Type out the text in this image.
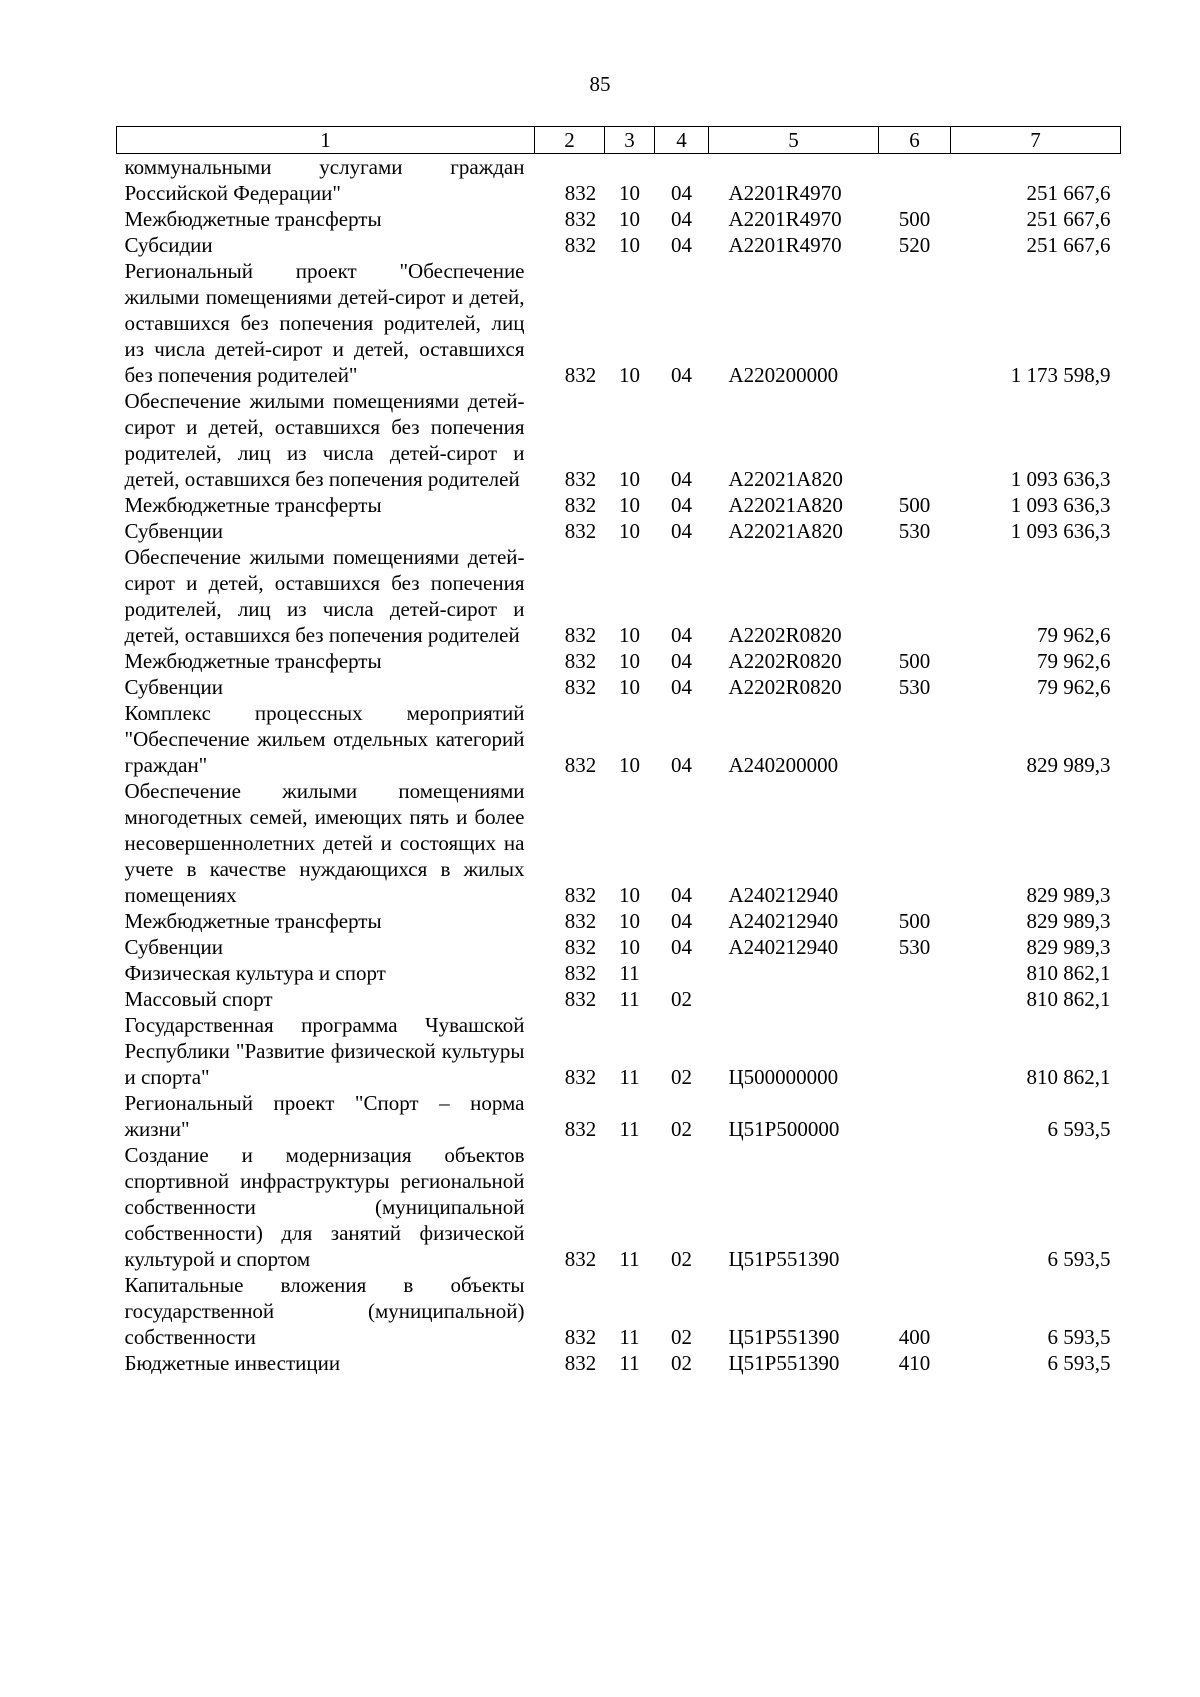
85
1	2	3	4	5	6	7
коммунальными услугами граждан Российской Федерации"	832	10	04	A2201R4970		251 667,6
Межбюджетные трансферты	832	10	04	A2201R4970	500	251 667,6
Субсидии	832	10	04	A2201R4970	520	251 667,6
Региональный проект "Обеспечение жилыми помещениями детей-сирот и детей, оставшихся без попечения родителей, лиц из числа детей-сирот и детей, оставшихся без попечения родителей"	832	10	04	A220200000		1 173 598,9
Обеспечение жилыми помещениями детей-сирот и детей, оставшихся без попечения родителей, лиц из числа детей-сирот и детей, оставшихся без попечения родителей	832	10	04	A22021A820		1 093 636,3
Межбюджетные трансферты	832	10	04	A22021A820	500	1 093 636,3
Субвенции	832	10	04	A22021A820	530	1 093 636,3
Обеспечение жилыми помещениями детей-сирот и детей, оставшихся без попечения родителей, лиц из числа детей-сирот и детей, оставшихся без попечения родителей	832	10	04	A2202R0820		79 962,6
Межбюджетные трансферты	832	10	04	A2202R0820	500	79 962,6
Субвенции	832	10	04	A2202R0820	530	79 962,6
Комплекс процессных мероприятий "Обеспечение жильем отдельных категорий граждан"	832	10	04	A240200000		829 989,3
Обеспечение жилыми помещениями многодетных семей, имеющих пять и более несовершеннолетних детей и состоящих на учете в качестве нуждающихся в жилых помещениях	832	10	04	A240212940		829 989,3
Межбюджетные трансферты	832	10	04	A240212940	500	829 989,3
Субвенции	832	10	04	A240212940	530	829 989,3
Физическая культура и спорт	832	11				810 862,1
Массовый спорт	832	11	02			810 862,1
Государственная программа Чувашской Республики "Развитие физической культуры и спорта"	832	11	02	Ц500000000		810 862,1
Региональный проект "Спорт – норма жизни"	832	11	02	Ц51Р500000		6 593,5
Создание и модернизация объектов спортивной инфраструктуры региональной собственности (муниципальной собственности) для занятий физической культурой и спортом	832	11	02	Ц51Р551390		6 593,5
Капитальные вложения в объекты государственной (муниципальной) собственности	832	11	02	Ц51Р551390	400	6 593,5
Бюджетные инвестиции	832	11	02	Ц51Р551390	410	6 593,5
